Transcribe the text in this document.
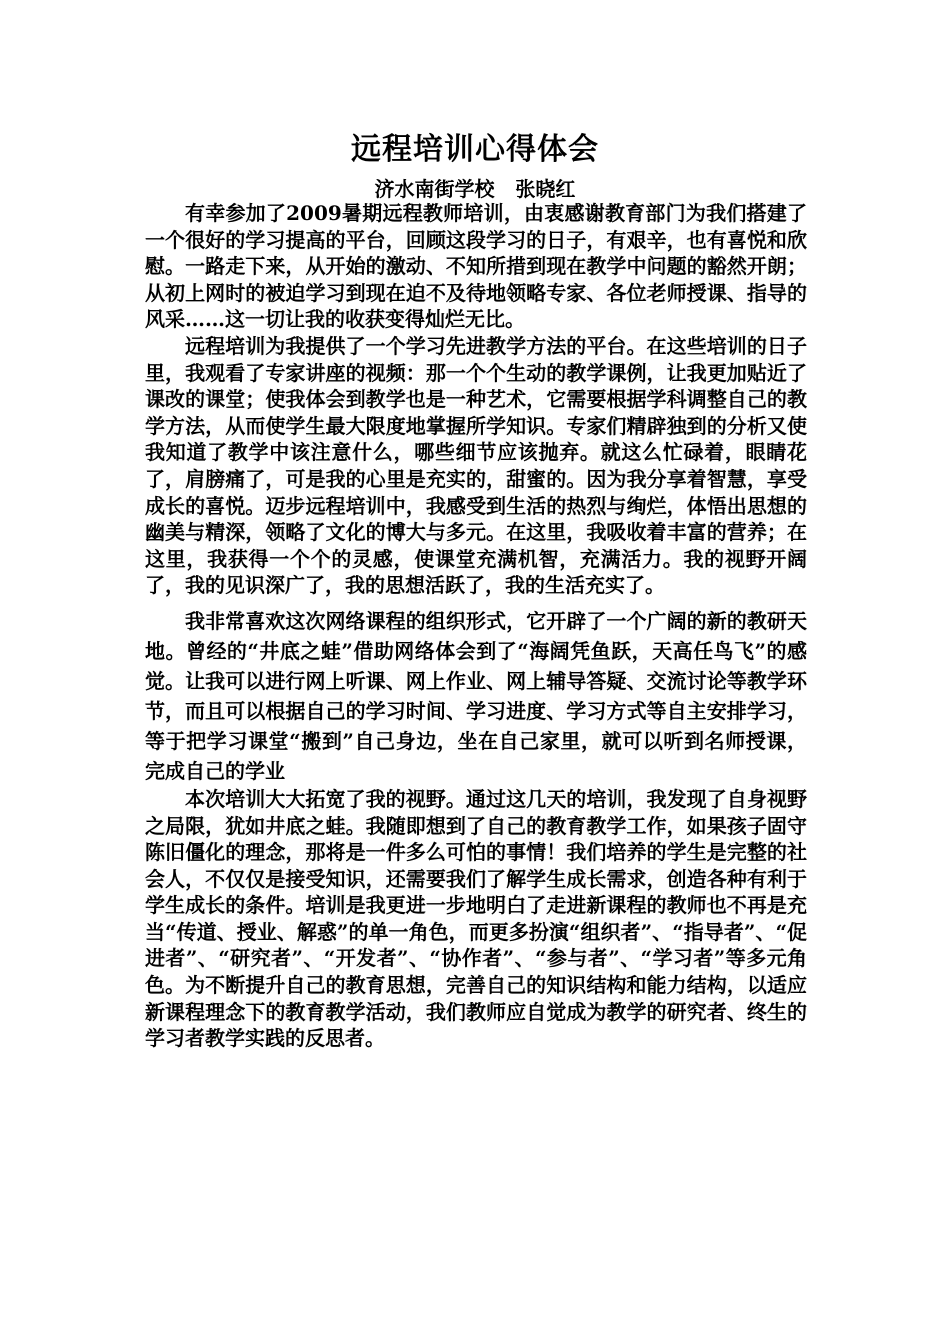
远程培训心得体会
济水南街学校   张晓红

有幸参加了2009暑期远程教师培训，由衷感谢教育部门为我们搭建了一个很好的学习提高的平台，回顾这段学习的日子，有艰辛，也有喜悦和欣慰。一路走下来，从开始的激动、不知所措到现在教学中问题的豁然开朗；从初上网时的被迫学习到现在迫不及待地领略专家、各位老师授课、指导的风采……这一切让我的收获变得灿烂无比。

远程培训为我提供了一个学习先进教学方法的平台。在这些培训的日子里，我观看了专家讲座的视频：那一个个生动的教学课例，让我更加贴近了课改的课堂；使我体会到教学也是一种艺术，它需要根据学科调整自己的教学方法，从而使学生最大限度地掌握所学知识。专家们精辟独到的分析又使我知道了教学中该注意什么，哪些细节应该抛弃。就这么忙碌着，眼睛花了，肩膀痛了，可是我的心里是充实的，甜蜜的。因为我分享着智慧，享受成长的喜悦。迈步远程培训中，我感受到生活的热烈与绚烂，体悟出思想的幽美与精深，领略了文化的博大与多元。在这里，我吸收着丰富的营养；在这里，我获得一个个的灵感，使课堂充满机智，充满活力。我的视野开阔了，我的见识深广了，我的思想活跃了，我的生活充实了。

我非常喜欢这次网络课程的组织形式，它开辟了一个广阔的新的教研天地。曾经的“井底之蛙”借助网络体会到了“海阔凭鱼跃，天高任鸟飞”的感觉。让我可以进行网上听课、网上作业、网上辅导答疑、交流讨论等教学环节，而且可以根据自己的学习时间、学习进度、学习方式等自主安排学习，等于把学习课堂“搬到”自己身边，坐在自己家里，就可以听到名师授课，完成自己的学业

本次培训大大拓宽了我的视野。通过这几天的培训，我发现了自身视野之局限，犹如井底之蛙。我随即想到了自己的教育教学工作，如果孩子固守陈旧僵化的理念，那将是一件多么可怕的事情！我们培养的学生是完整的社会人，不仅仅是接受知识，还需要我们了解学生成长需求，创造各种有利于学生成长的条件。培训是我更进一步地明白了走进新课程的教师也不再是充当“传道、授业、解惑”的单一角色，而更多扮演“组织者”、“指导者”、“促进者”、“研究者”、“开发者”、“协作者”、“参与者”、“学习者”等多元角色。为不断提升自己的教育思想，完善自己的知识结构和能力结构，以适应新课程理念下的教育教学活动，我们教师应自觉成为教学的研究者、终生的学习者教学实践的反思者。
